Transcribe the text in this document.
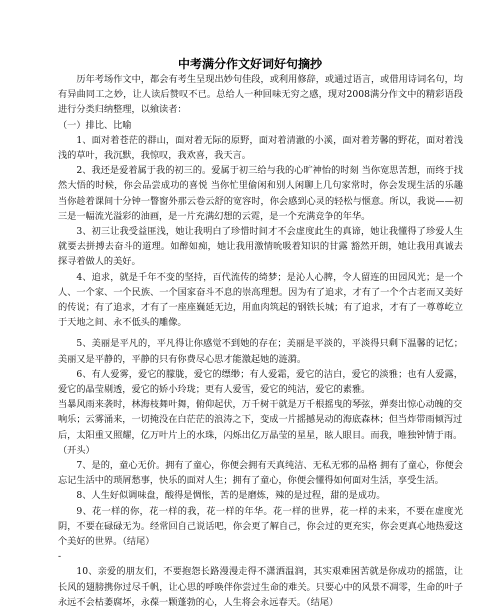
中考满分作文好词好句摘抄

历年考场作文中，都会有考生呈现出妙句佳段，或利用修辞，或通过语言，或借用诗词名句，均有异曲同工之妙，让人读后赞叹不已。总给人一种回味无穷之感，现对2008满分作文中的精彩语段进行分类归纳整理，以飨读者：

（一）排比、比喻

1、面对着苍茫的群山，面对着无际的原野，面对着清澈的小溪，面对着芳馨的野花，面对着浅浅的草叶，我沉默，我惊叹，我欢喜，我天言。

2、我还是爱着属于我的初三的。爱属于初三给与我的心旷神怡的时刻 当你宽思苦想，而终于找然大悟的时候，你会品尝成功的喜悦 当你忙里偷闲和别人闲聊上几句家常时，你会发现生活的乐趣 当你趁着课间十分钟一瞥窗外那云卷云舒的宽容时，你会感到心灵的轻松与惬意。所以，我说——初三是一幅流光溢彩的油画，是一片充满幻想的云霓，是一个充满竞争的年华。

3、初三让我受益匪浅，她让我明白了珍惜时间才不会虚度此生的真谛，她让我懂得了珍爱人生就要去拼搏去奋斗的道理。如醉如痴，她让我用激情吮吸着知识的甘露 豁然开朗，她让我用真诚去探寻着做人的美好。

4、追求，就是千年不变的坚持，百代流传的绮梦；是沁人心脾，令人留连的田园风光；是一个人、一个家、一个民族、一个国家奋斗不息的崇高理想。因为有了追求，才有了一个个古老而又美好的传说；有了追求，才有了一座座巍延无边，用血肉筑起的钢铁长城；有了追求，才有了一尊尊屹立于天地之间、永不低头的雕像。

5、美丽是平凡的，平凡得让你感觉不到她的存在；美丽是平淡的，平淡得只剩下温馨的记忆；美丽又是平静的，平静的只有你费尽心思才能激起她的涟漪。

6、有人爱雾，爱它的朦胧，爱它的缥缈；有人爱霜，爱它的洁白，爱它的淡雅；也有人爱露，爱它的晶莹剔透，爱它的娇小玲珑；更有人爱雪，爱它的纯洁，爱它的素雅。

当暴风雨来袭时，林海枝舞叶舞，俯仰起伏，万千树干就是万千根摇曳的琴弦，弹奏出惊心动魄的交响乐；云雾涌来，一切掩没在白茫茫的浪涛之下，变成一片摇撼晃动的海底森林；但当炸带雨倾泻过后，太阳重又照耀，亿万叶片上的水珠，闪烁出亿万晶莹的星星，眩人眼目。而我，唯独钟情于雨。（开头）

7、是的，童心无价。拥有了童心，你便会拥有天真纯洁、无私无邪的品格 拥有了童心，你便会忘记生活中的琐屑愁事，快乐的面对人生；拥有了童心，你便会懂得如何面对生活，享受生活。

8、人生好似调味盘，酸得是惆怅，苦的是磨炼，辣的是过程，甜的是成功。

9、花一样的你，花一样的我，花一样的年华。花一样的世界，花一样的未来，不要在虚度光阴，不要在碌碌无为。经常回自己说话吧，你会更了解自己，你会过的更充实，你会更真心地热爱这个美好的世界。（结尾）

-

10、亲爱的朋友们，不要抱怨长路漫漫走得不潇洒温润，其实艰难困苦就是你成功的摇篮，让长风的翅膀携你过尽千帆，让心思的呼唤伴你尝过生命的难关。只要心中的风景不凋零，生命的叶子永远不会枯萎腐坏，永葆一颗蓬勃的心，人生将会永远春天。（结尾）
